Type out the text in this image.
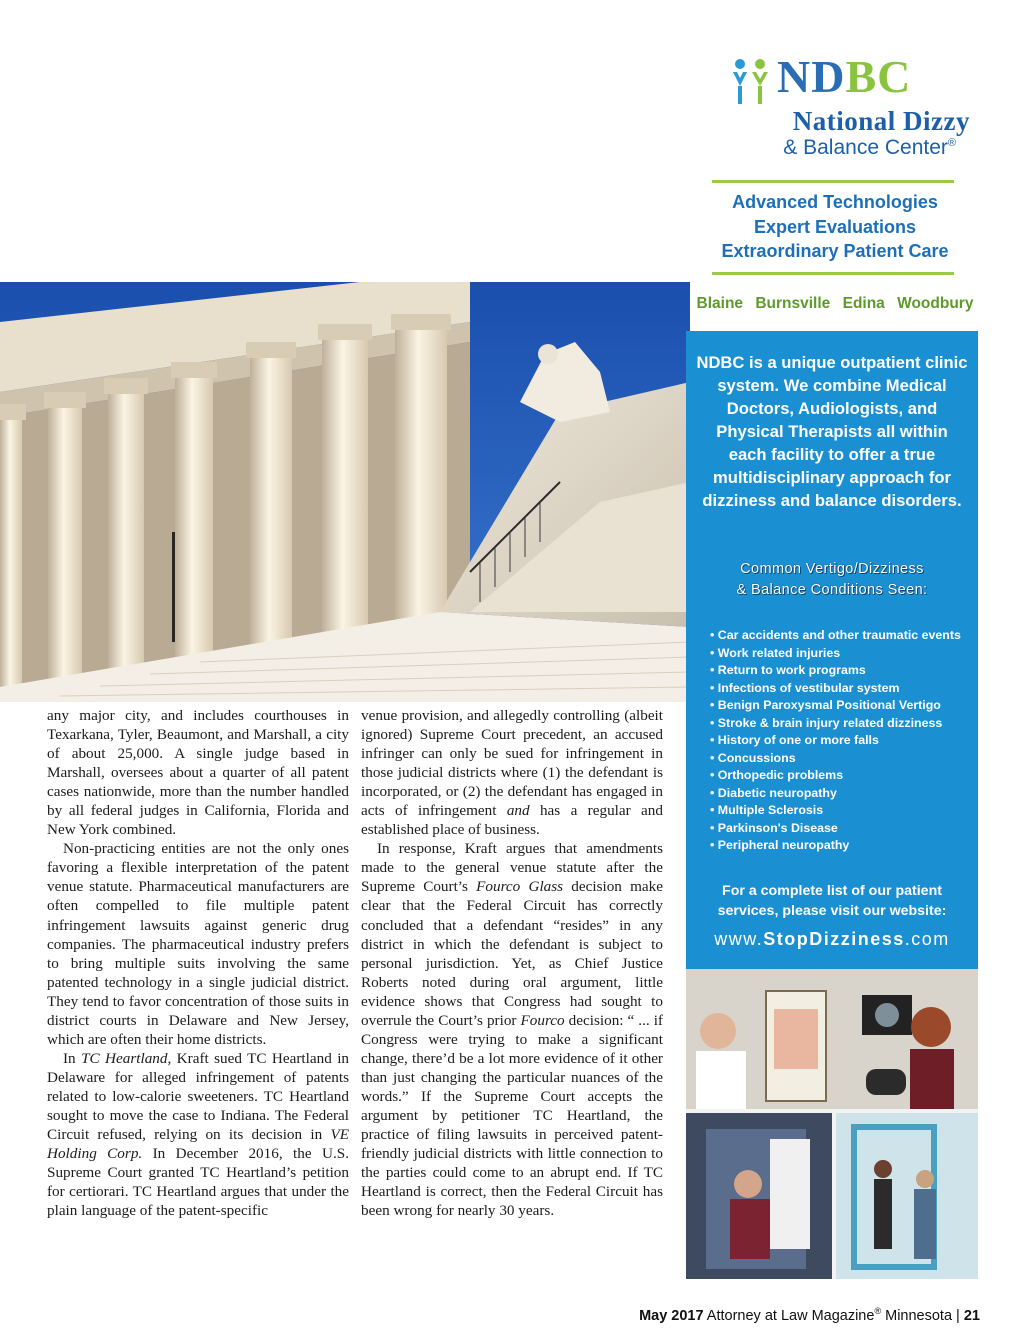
any major city, and includes courthouses in Texarkana, Tyler, Beaumont, and Marshall, a city of about 25,000. A single judge based in Marshall, oversees about a quarter of all patent cases nationwide, more than the number handled by all federal judges in California, Florida and New York combined.

Non-practicing entities are not the only ones favoring a flexible interpretation of the patent venue statute. Pharmaceutical manufacturers are often compelled to file multiple patent infringement lawsuits against generic drug companies. The pharmaceutical industry prefers to bring multiple suits involving the same patented technology in a single judicial district. They tend to favor concentration of those suits in district courts in Delaware and New Jersey, which are often their home districts.

In TC Heartland, Kraft sued TC Heartland in Delaware for alleged infringement of patents related to low-calorie sweeteners. TC Heartland sought to move the case to Indiana. The Federal Circuit refused, relying on its decision in VE Holding Corp. In December 2016, the U.S. Supreme Court granted TC Heartland’s petition for certiorari. TC Heartland argues that under the plain language of the patent-specific

venue provision, and allegedly controlling (albeit ignored) Supreme Court precedent, an accused infringer can only be sued for infringement in those judicial districts where (1) the defendant is incorporated, or (2) the defendant has engaged in acts of infringement and has a regular and established place of business.

In response, Kraft argues that amendments made to the general venue statute after the Supreme Court’s Fourco Glass decision make clear that the Federal Circuit has correctly concluded that a defendant “resides” in any district in which the defendant is subject to personal jurisdiction. Yet, as Chief Justice Roberts noted during oral argument, little evidence shows that Congress had sought to overrule the Court’s prior Fourco decision: “ ... if Congress were trying to make a significant change, there’d be a lot more evidence of it other than just changing the particular nuances of the words.” If the Supreme Court accepts the argument by petitioner TC Heartland, the practice of filing lawsuits in perceived patent-friendly judicial districts with little connection to the parties could come to an abrupt end. If TC Heartland is correct, then the Federal Circuit has been wrong for nearly 30 years.

NDBC
National Dizzy
& Balance Center®
Advanced Technologies
Expert Evaluations
Extraordinary Patient Care
Blaine Burnsville Edina Woodbury
NDBC is a unique outpatient clinic system. We combine Medical Doctors, Audiologists, and Physical Therapists all within each facility to offer a true multidisciplinary approach for dizziness and balance disorders.
Common Vertigo/Dizziness
& Balance Conditions Seen:
• Car accidents and other traumatic events
• Work related injuries
• Return to work programs
• Infections of vestibular system
• Benign Paroxysmal Positional Vertigo
• Stroke & brain injury related dizziness
• History of one or more falls
• Concussions
• Orthopedic problems
• Diabetic neuropathy
• Multiple Sclerosis
• Parkinson's Disease
• Peripheral neuropathy
For a complete list of our patient services, please visit our website:
www.StopDizziness.com
May 2017 Attorney at Law Magazine® Minnesota | 21
